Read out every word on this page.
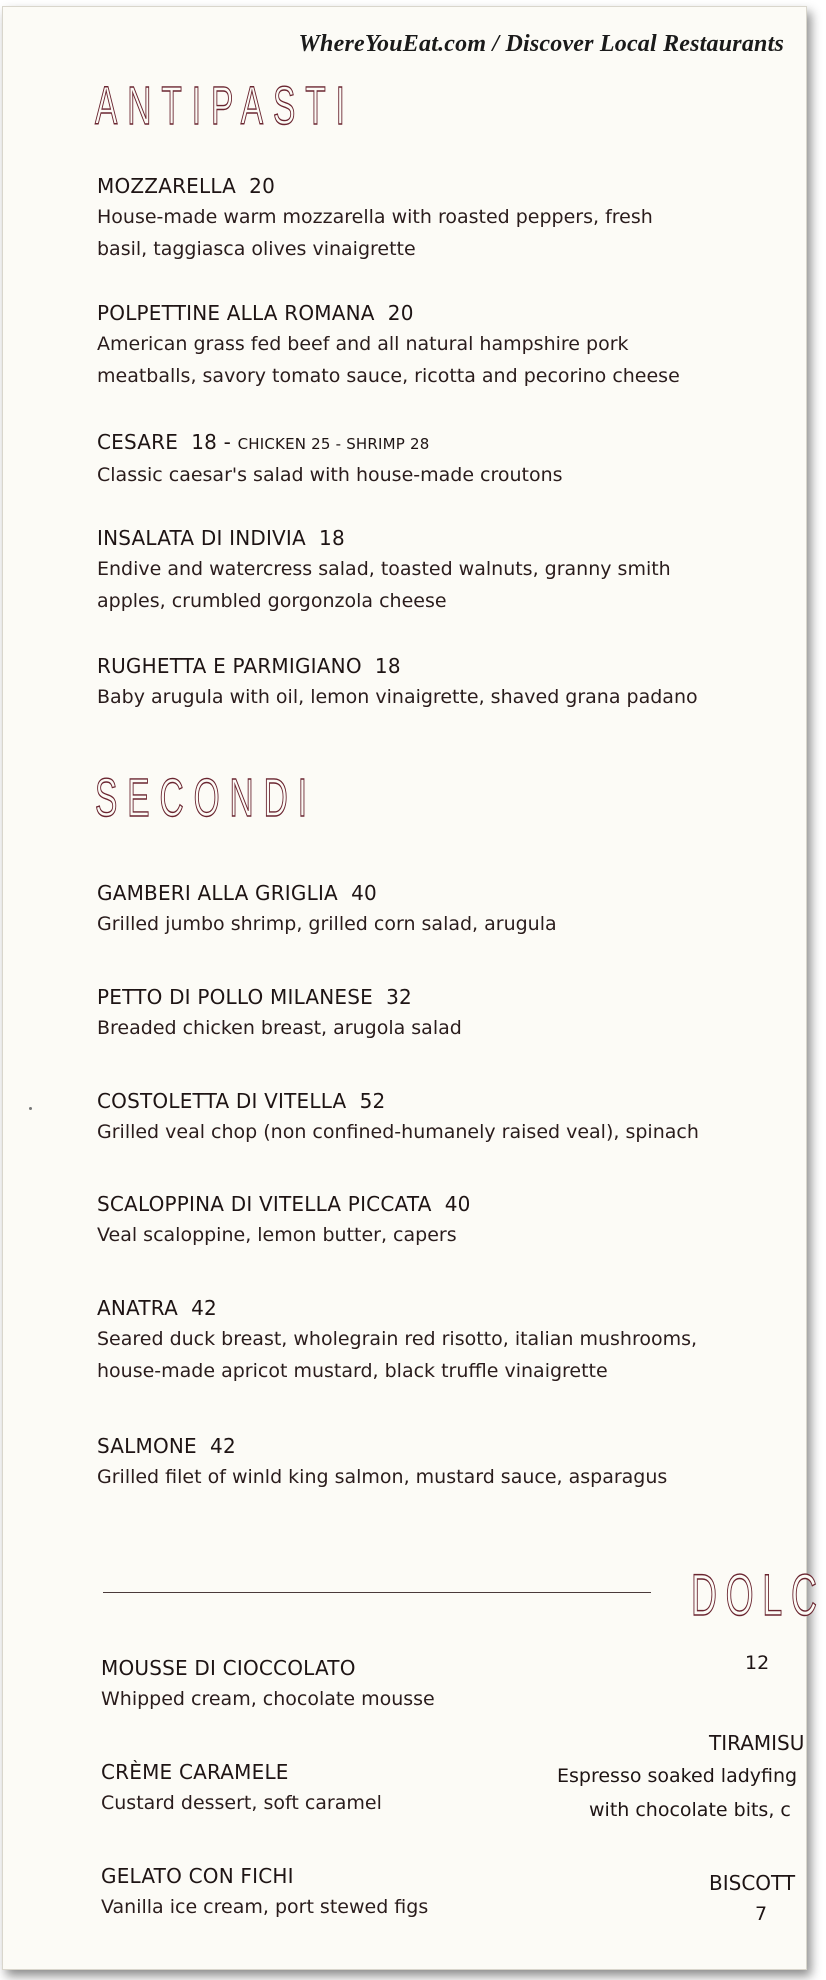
WhereYouEat.com / Discover Local Restaurants
ANTIPASTI
MOZZARELLA 20
House-made warm mozzarella with roasted peppers, fresh
basil, taggiasca olives vinaigrette
POLPETTINE ALLA ROMANA 20
American grass fed beef and all natural hampshire pork
meatballs, savory tomato sauce, ricotta and pecorino cheese
CESARE 18 - CHICKEN 25 - SHRIMP 28
Classic caesar's salad with house-made croutons
INSALATA DI INDIVIA 18
Endive and watercress salad, toasted walnuts, granny smith
apples, crumbled gorgonzola cheese
RUGHETTA E PARMIGIANO 18
Baby arugula with oil, lemon vinaigrette, shaved grana padano
SECONDI
GAMBERI ALLA GRIGLIA 40
Grilled jumbo shrimp, grilled corn salad, arugula
PETTO DI POLLO MILANESE 32
Breaded chicken breast, arugola salad
COSTOLETTA DI VITELLA 52
Grilled veal chop (non confined-humanely raised veal), spinach
SCALOPPINA DI VITELLA PICCATA 40
Veal scaloppine, lemon butter, capers
ANATRA 42
Seared duck breast, wholegrain red risotto, italian mushrooms,
house-made apricot mustard, black truffle vinaigrette
SALMONE 42
Grilled filet of winld king salmon, mustard sauce, asparagus
DOLC
12
MOUSSE DI CIOCCOLATO
Whipped cream, chocolate mousse
CRÈME CARAMELE
Custard dessert, soft caramel
GELATO CON FICHI
Vanilla ice cream, port stewed figs
TIRAMISU
Espresso soaked ladyfing
with chocolate bits, c
BISCOTT
7
